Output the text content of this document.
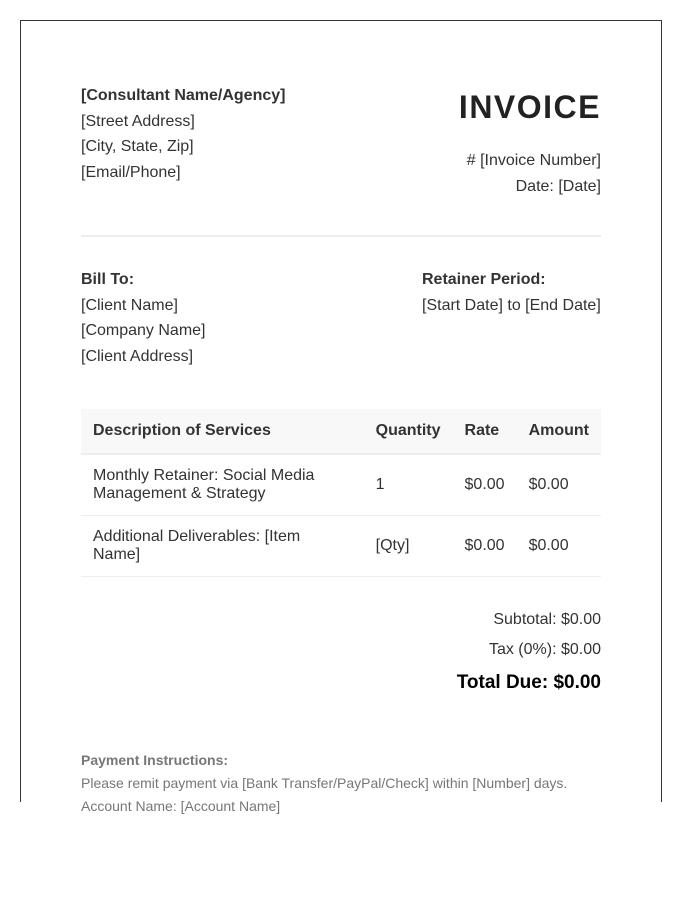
[Consultant Name/Agency]
[Street Address]
[City, State, Zip]
[Email/Phone]
INVOICE
# [Invoice Number]
Date: [Date]
Bill To:
[Client Name]
[Company Name]
[Client Address]
Retainer Period:
[Start Date] to [End Date]
Description of Services	Quantity	Rate	Amount
Monthly Retainer: Social Media Management & Strategy	1	$0.00	$0.00
Additional Deliverables: [Item Name]	[Qty]	$0.00	$0.00
Subtotal: $0.00
Tax (0%): $0.00
Total Due: $0.00
Payment Instructions:
Please remit payment via [Bank Transfer/PayPal/Check] within [Number] days.
Account Name: [Account Name]
